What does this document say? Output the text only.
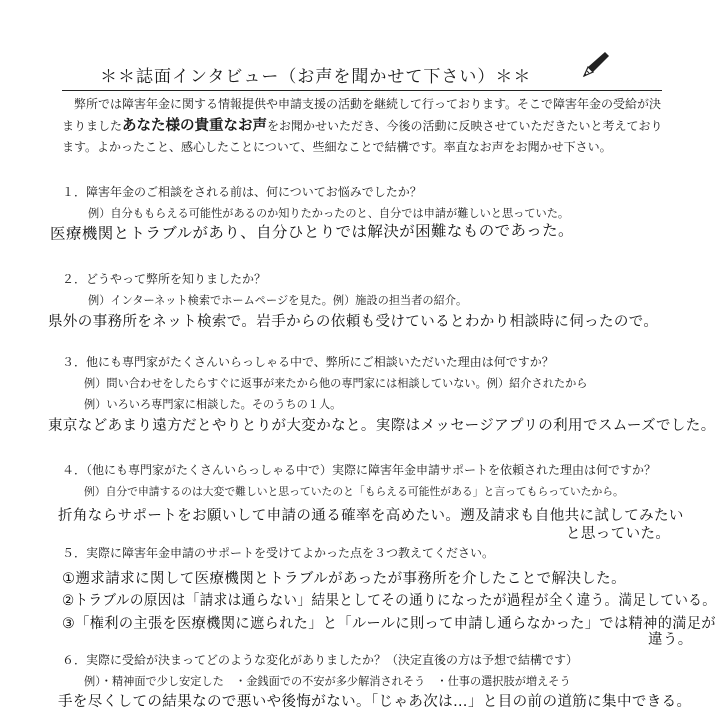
＊＊誌面インタビュー（お声を聞かせて下さい）＊＊
弊所では障害年金に関する情報提供や申請支援の活動を継続して行っております。そこで障害年金の受給が決まりましたあなた様の貴重なお声をお聞かせいただき、今後の活動に反映させていただきたいと考えております。よかったこと、感心したことについて、些細なことで結構です。率直なお声をお聞かせ下さい。
１．障害年金のご相談をされる前は、何についてお悩みでしたか？
例）自分ももらえる可能性があるのか知りたかったのと、自分では申請が難しいと思っていた。
医療機関とトラブルがあり、自分ひとりでは解決が困難なものであった。
２．どうやって弊所を知りましたか？
例）インターネット検索でホームページを見た。例）施設の担当者の紹介。
県外の事務所をネット検索で。岩手からの依頼も受けているとわかり相談時に伺ったので。
３．他にも専門家がたくさんいらっしゃる中で、弊所にご相談いただいた理由は何ですか？
例）問い合わせをしたらすぐに返事が来たから他の専門家には相談していない。例）紹介されたから
例）いろいろ専門家に相談した。そのうちの１人。
東京などあまり遠方だとやりとりが大変かなと。実際はメッセージアプリの利用でスムーズでした。
４．（他にも専門家がたくさんいらっしゃる中で）実際に障害年金申請サポートを依頼された理由は何ですか？
例）自分で申請するのは大変で難しいと思っていたのと「もらえる可能性がある」と言ってもらっていたから。
折角ならサポートをお願いして申請の通る確率を高めたい。遡及請求も自他共に試してみたい
と思っていた。
５．実際に障害年金申請のサポートを受けてよかった点を３つ教えてください。
①遡求請求に関して医療機関とトラブルがあったが事務所を介したことで解決した。
②トラブルの原因は「請求は通らない」結果としてその通りになったが過程が全く違う。満足している。
③「権利の主張を医療機関に遮られた」と「ルールに則って申請し通らなかった」では精神的満足が
違う。
６．実際に受給が決まってどのような変化がありましたか？（決定直後の方は予想で結構です）
例）・精神面で少し安定した　・金銭面での不安が多少解消されそう　・仕事の選択肢が増えそう
手を尽くしての結果なので悪いや後悔がない。「じゃあ次は…」と目の前の道筋に集中できる。
